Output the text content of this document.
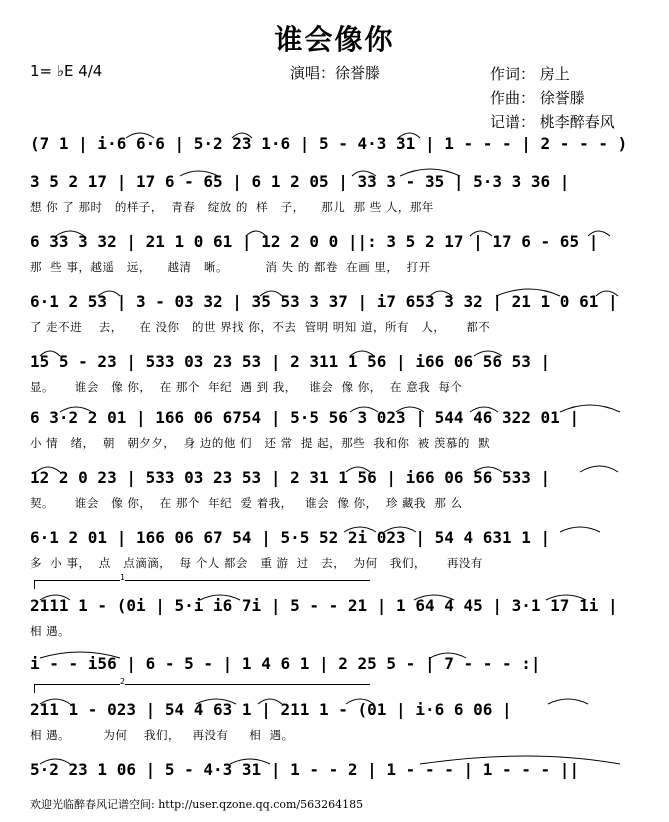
谁会像你
1= ♭E 4/4	演唱：徐誉滕	作词： 房上
作曲： 徐誉滕
记谱： 桃李醉春风
(7 1 | i·6 6·6 | 5·2 23 1·6 | 5 - 4·3 31 | 1 - - - | 2 - - - )
3 5 2 17 | 17 6 - 65 | 6 1 2 05 | 33 3 - 35 | 5·3 3 36 |
想 你 了 那时   的样子，  青春   绽放 的  样   子，    那儿  那 些 人，那年
6 33 3 32 | 21 1 0 61 | 12 2 0 0 ||: 3 5 2 17 | 17 6 - 65 |
那  些 事，越遥   远，    越清   晰。         消 失 的 都卷  在画 里，  打开
6·1 2 53 | 3 - 03 32 | 35 53 3 37 | i7 653 3 32 | 21 1 0 61 |
了 走不进    去，    在 没你   的世 界找 你，不去  管明 明知 道，所有   人，     都不
15 5 - 23 | 533 03 23 53 | 2 311 1 56 | i66 06 56 53 |
显。     谁会   像 你，  在 那个  年纪  遇 到 我，   谁会  像 你，  在 意我  每个
6 3·2 2 01 | 166 06 6754 | 5·5 56 3 023 | 544 46 322 01 |
小 情   绪，  朝   朝夕夕，  身 边的他 们   还 常  提 起，那些  我和你  被 羡慕的  默
12 2 0 23 | 533 03 23 53 | 2 31 1 56 | i66 06 56 533 |
契。     谁会   像 你，  在 那个  年纪  爱 着我，   谁会  像 你，  珍 藏我  那 么
6·1 2 01 | 166 06 67 54 | 5·5 52 2i 023 | 54 4 631 1 |
多  小 事，  点   点滴滴，  每 个人 都会   重 游  过   去，  为何   我们，     再没有
1
2111 1 - (0i | 5·i i6 7i | 5 - - 21 | 1 64 4 45 | 3·1 17 1i |
相 遇。
i - - i56 | 6 - 5 - | 1 4 6 1 | 2 25 5 - | 7 - - - :|
2
211 1 - 023 | 54 4 63 1 | 211 1 - (01 | i·6 6 06 |
相 遇。        为何    我们，   再没有     相  遇。
5·2 23 1 06 | 5 - 4·3 31 | 1 - - 2 | 1 - - - | 1 - - - ||
欢迎光临醉春风记谱空间: http://user.qzone.qq.com/563264185
